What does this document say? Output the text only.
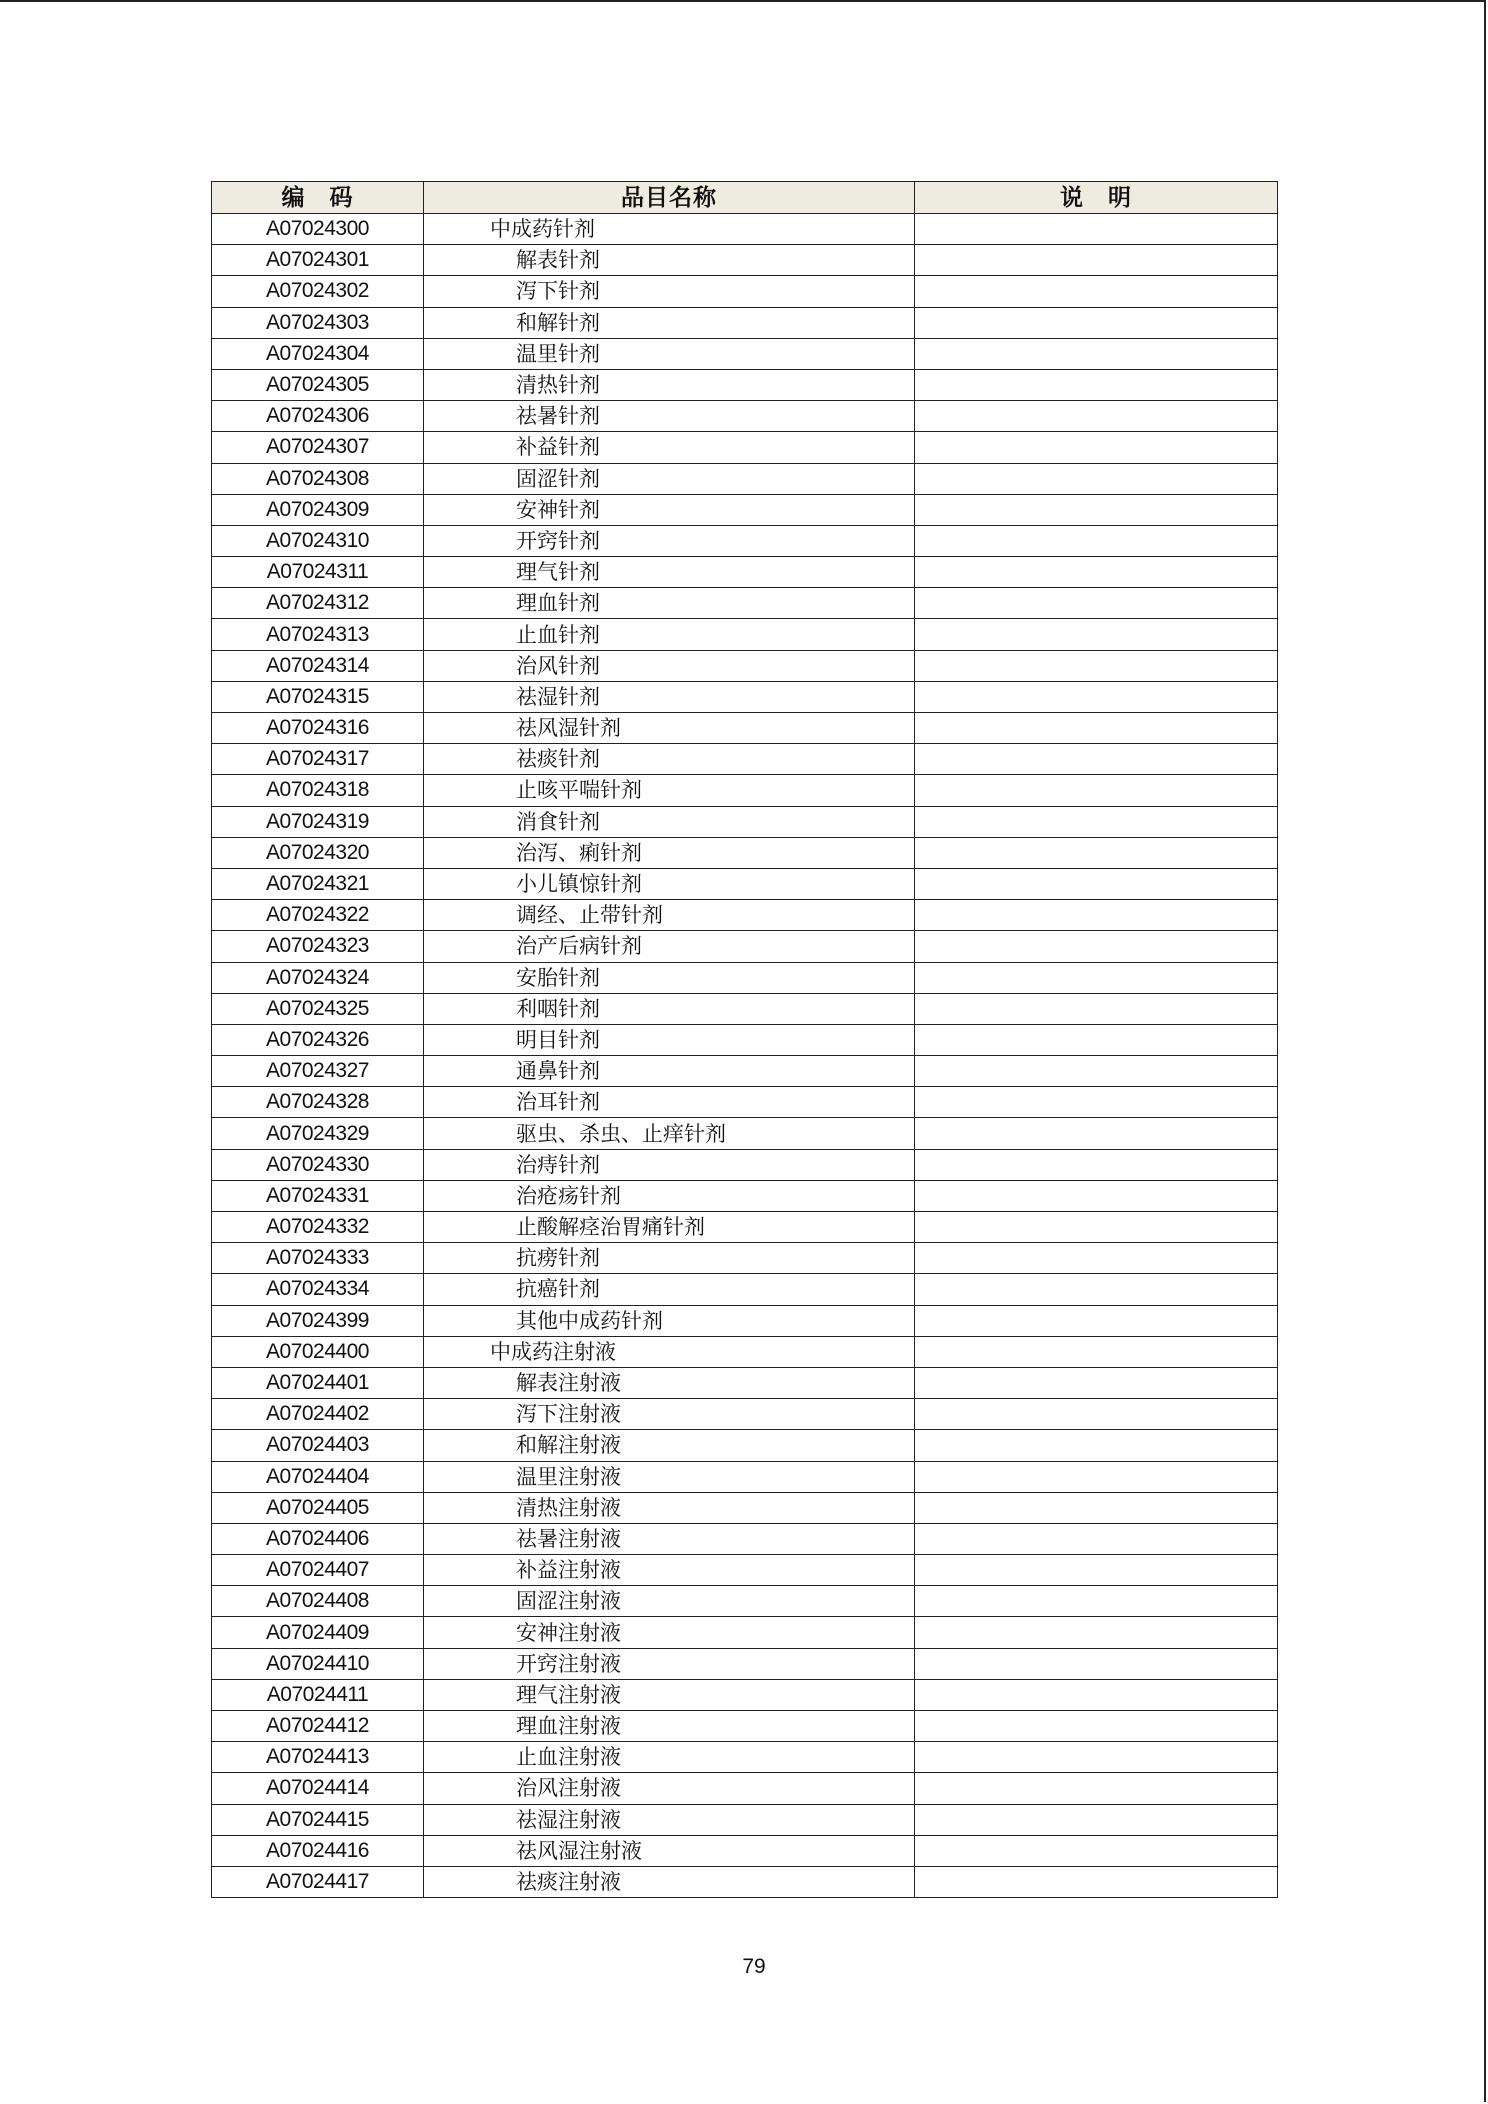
编　码	品目名称	说　明
A07024300	中成药针剂	
A07024301	解表针剂	
A07024302	泻下针剂	
A07024303	和解针剂	
A07024304	温里针剂	
A07024305	清热针剂	
A07024306	祛暑针剂	
A07024307	补益针剂	
A07024308	固涩针剂	
A07024309	安神针剂	
A07024310	开窍针剂	
A07024311	理气针剂	
A07024312	理血针剂	
A07024313	止血针剂	
A07024314	治风针剂	
A07024315	祛湿针剂	
A07024316	祛风湿针剂	
A07024317	祛痰针剂	
A07024318	止咳平喘针剂	
A07024319	消食针剂	
A07024320	治泻、痢针剂	
A07024321	小儿镇惊针剂	
A07024322	调经、止带针剂	
A07024323	治产后病针剂	
A07024324	安胎针剂	
A07024325	利咽针剂	
A07024326	明目针剂	
A07024327	通鼻针剂	
A07024328	治耳针剂	
A07024329	驱虫、杀虫、止痒针剂	
A07024330	治痔针剂	
A07024331	治疮疡针剂	
A07024332	止酸解痉治胃痛针剂	
A07024333	抗痨针剂	
A07024334	抗癌针剂	
A07024399	其他中成药针剂	
A07024400	中成药注射液	
A07024401	解表注射液	
A07024402	泻下注射液	
A07024403	和解注射液	
A07024404	温里注射液	
A07024405	清热注射液	
A07024406	祛暑注射液	
A07024407	补益注射液	
A07024408	固涩注射液	
A07024409	安神注射液	
A07024410	开窍注射液	
A07024411	理气注射液	
A07024412	理血注射液	
A07024413	止血注射液	
A07024414	治风注射液	
A07024415	祛湿注射液	
A07024416	祛风湿注射液	
A07024417	祛痰注射液	
79
